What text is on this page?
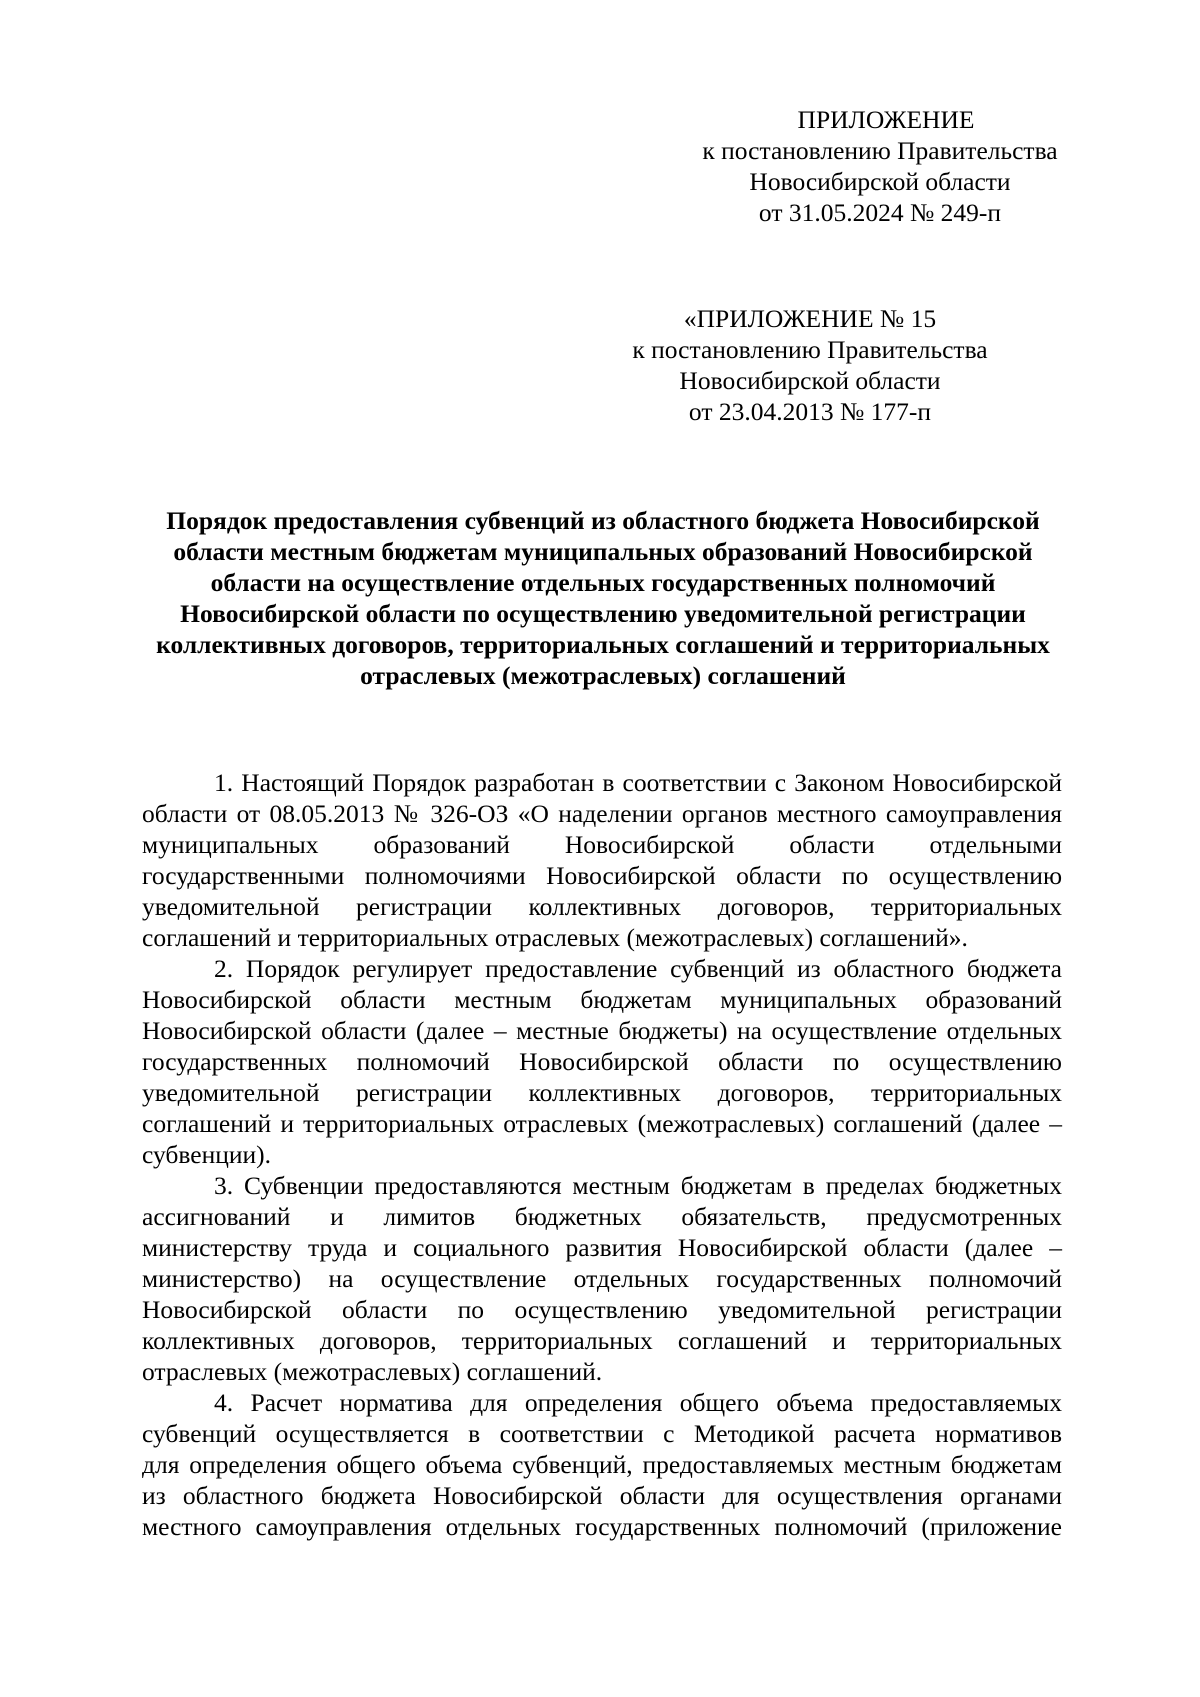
ПРИЛОЖЕНИЕ
к постановлению Правительства
Новосибирской области
от 31.05.2024 № 249-п
«ПРИЛОЖЕНИЕ № 15
к постановлению Правительства
Новосибирской области
от 23.04.2013 № 177-п
Порядок предоставления субвенций из областного бюджета Новосибирской
области местным бюджетам муниципальных образований Новосибирской
области на осуществление отдельных государственных полномочий
Новосибирской области по осуществлению уведомительной регистрации
коллективных договоров, территориальных соглашений и территориальных
отраслевых (межотраслевых) соглашений
1. Настоящий Порядок разработан в соответствии с Законом Новосибирской
области от 08.05.2013 № 326-ОЗ «О наделении органов местного самоуправления
муниципальных образований Новосибирской области отдельными
государственными полномочиями Новосибирской области по осуществлению
уведомительной регистрации коллективных договоров, территориальных
соглашений и территориальных отраслевых (межотраслевых) соглашений».
2. Порядок регулирует предоставление субвенций из областного бюджета
Новосибирской области местным бюджетам муниципальных образований
Новосибирской области (далее – местные бюджеты) на осуществление отдельных
государственных полномочий Новосибирской области по осуществлению
уведомительной регистрации коллективных договоров, территориальных
соглашений и территориальных отраслевых (межотраслевых) соглашений (далее –
субвенции).
3. Субвенции предоставляются местным бюджетам в пределах бюджетных
ассигнований и лимитов бюджетных обязательств, предусмотренных
министерству труда и социального развития Новосибирской области (далее –
министерство) на осуществление отдельных государственных полномочий
Новосибирской области по осуществлению уведомительной регистрации
коллективных договоров, территориальных соглашений и территориальных
отраслевых (межотраслевых) соглашений.
4. Расчет норматива для определения общего объема предоставляемых
субвенций осуществляется в соответствии с Методикой расчета нормативов
для определения общего объема субвенций, предоставляемых местным бюджетам
из областного бюджета Новосибирской области для осуществления органами
местного самоуправления отдельных государственных полномочий (приложение
